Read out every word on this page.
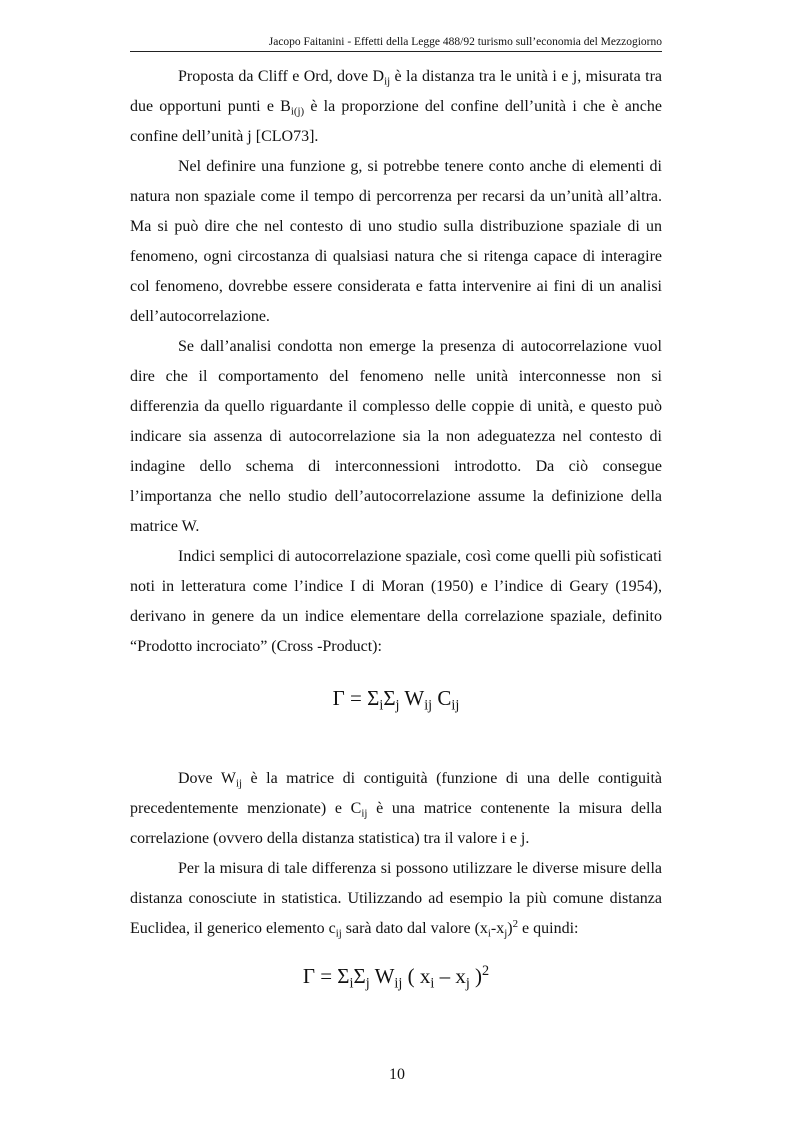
Jacopo Faitanini - Effetti della Legge 488/92 turismo sull’economia del Mezzogiorno

Proposta da Cliff e Ord, dove $D_{ij}$ è la distanza tra le unità i e j, misurata tra due opportuni punti e $B_{i(j)}$ è la proporzione del confine dell’unità i che è anche confine dell’unità j [CLO73].

Nel definire una funzione g, si potrebbe tenere conto anche di elementi di natura non spaziale come il tempo di percorrenza per recarsi da un’unità all’altra. Ma si può dire che nel contesto di uno studio sulla distribuzione spaziale di un fenomeno, ogni circostanza di qualsiasi natura che si ritenga capace di interagire col fenomeno, dovrebbe essere considerata e fatta intervenire ai fini di un analisi dell’autocorrelazione.

Se dall’analisi condotta non emerge la presenza di autocorrelazione vuol dire che il comportamento del fenomeno nelle unità interconnesse non si differenzia da quello riguardante il complesso delle coppie di unità, e questo può indicare sia assenza di autocorrelazione sia la non adeguatezza nel contesto di indagine dello schema di interconnessioni introdotto. Da ciò consegue l’importanza che nello studio dell’autocorrelazione assume la definizione della matrice W.

Indici semplici di autocorrelazione spaziale, così come quelli più sofisticati noti in letteratura come l’indice I di Moran (1950) e l’indice di Geary (1954), derivano in genere da un indice elementare della correlazione spaziale, definito “Prodotto incrociato” (Cross -Product):

$\Gamma = \Sigma_i\Sigma_j$ $W_{ij}$ $C_{ij}$

Dove $W_{ij}$ è la matrice di contiguità (funzione di una delle contiguità precedentemente menzionate) e $C_{ij}$ è una matrice contenente la misura della correlazione (ovvero della distanza statistica) tra il valore i e j.

Per la misura di tale differenza si possono utilizzare le diverse misure della distanza conosciute in statistica. Utilizzando ad esempio la più comune distanza Euclidea, il generico elemento $c_{ij}$ sarà dato dal valore $(x_i-x_j)^2$ e quindi:

$\Gamma = \Sigma_i\Sigma_j$ $W_{ij}$ ( $x_i - x_j$ )$^2$

10
